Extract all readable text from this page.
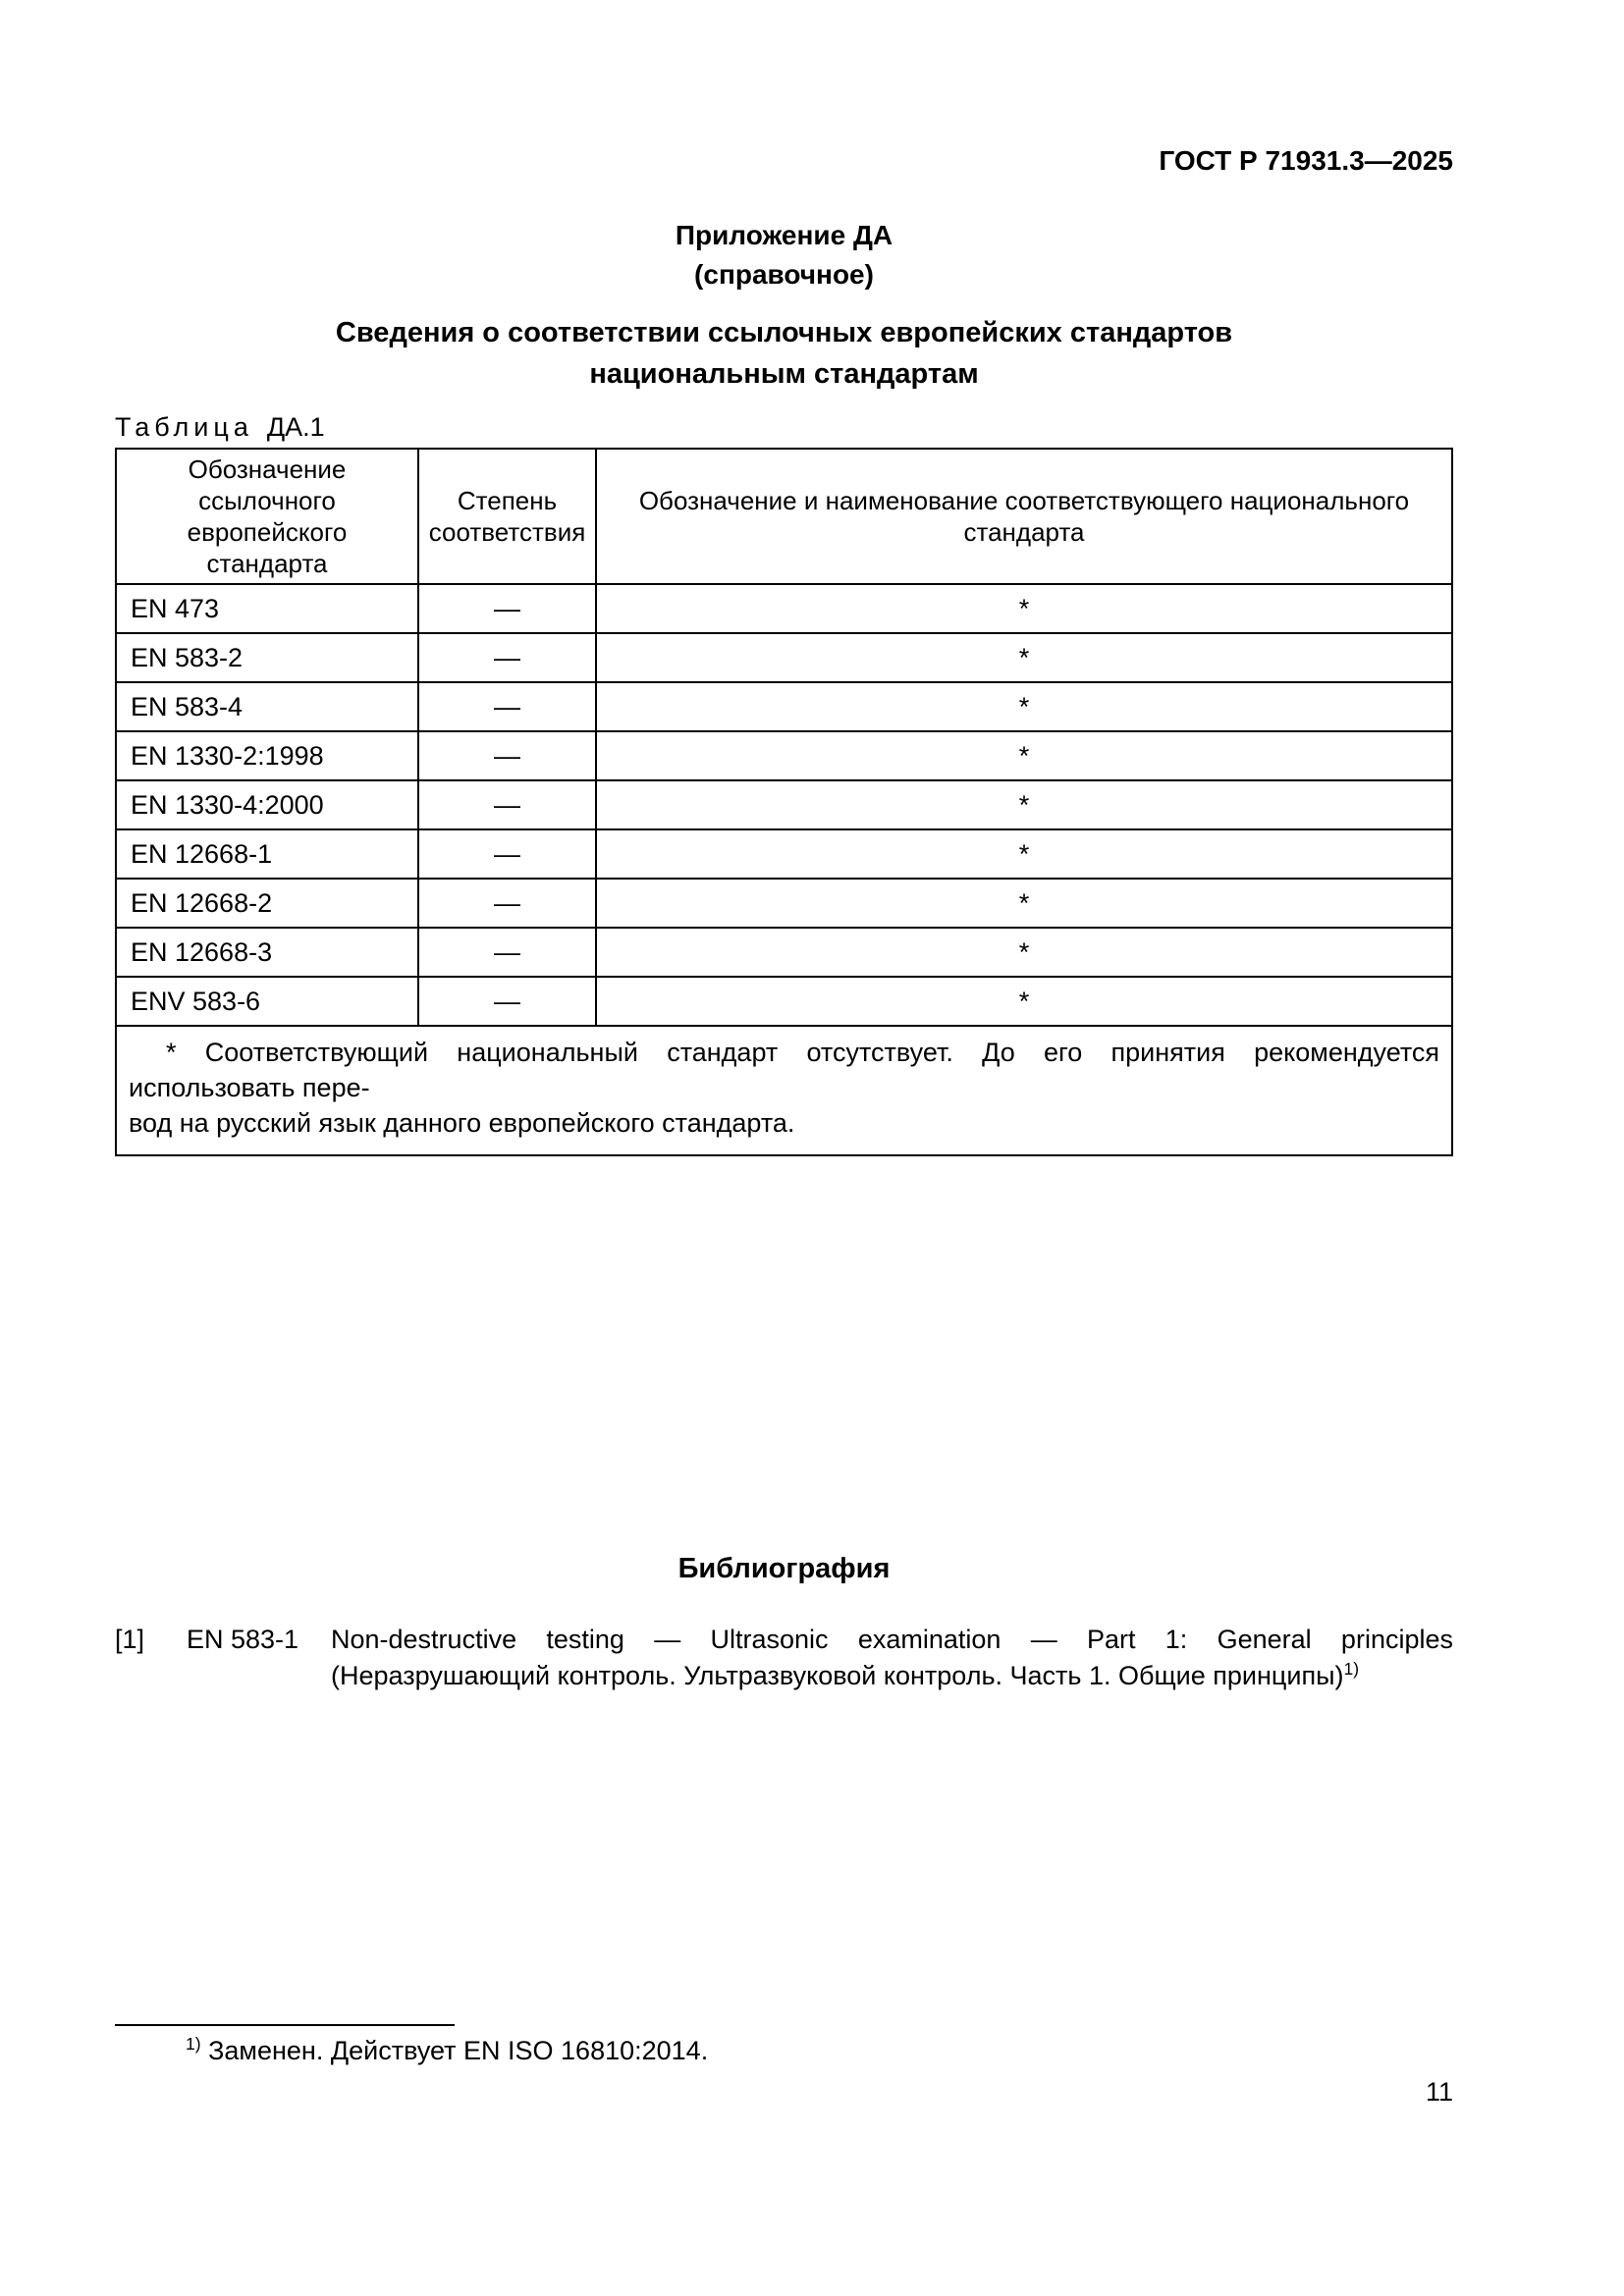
ГОСТ Р 71931.3—2025
Приложение ДА
(справочное)
Сведения о соответствии ссылочных европейских стандартов
национальным стандартам
Таблица ДА.1
Обозначение ссылочного
европейского стандарта

Степень
соответствия

Обозначение и наименование соответствующего национального стандарта

EN 473	—	*
EN 583-2	—	*
EN 583-4	—	*
EN 1330-2:1998	—	*
EN 1330-4:2000	—	*
EN 12668-1	—	*
EN 12668-2	—	*
EN 12668-3	—	*
ENV 583-6	—	*

* Соответствующий национальный стандарт отсутствует. До его принятия рекомендуется использовать пере-
вод на русский язык данного европейского стандарта.		
Библиография
[1]	EN 583-1	Non-destructive testing — Ultrasonic examination — Part 1: General principles (Неразрушающий контроль. Ультразвуковой контроль. Часть 1. Общие принципы)$^{1)}$
$^{1)}$ Заменен. Действует EN ISO 16810:2014.
11
